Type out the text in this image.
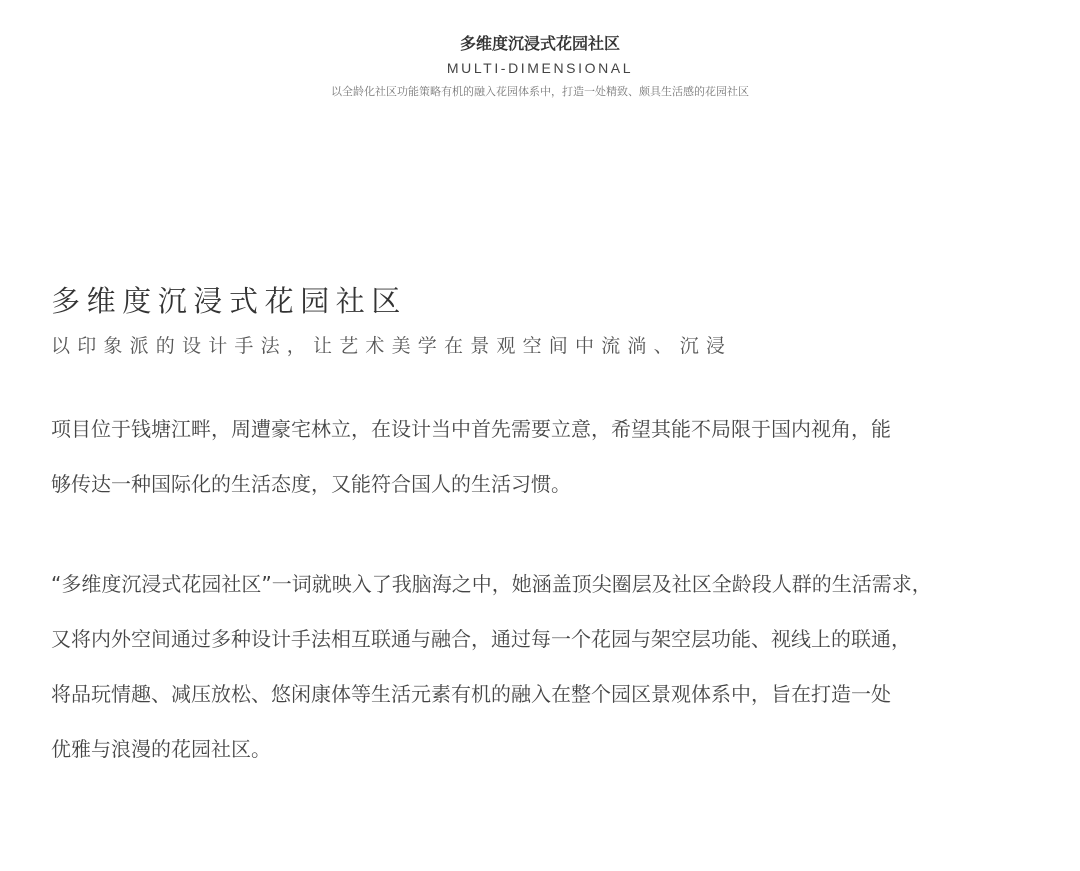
多维度沉浸式花园社区
MULTI-DIMENSIONAL
以全龄化社区功能策略有机的融入花园体系中，打造一处精致、颇具生活感的花园社区
多维度沉浸式花园社区
以印象派的设计手法，让艺术美学在景观空间中流淌、沉浸

项目位于钱塘江畔，周遭豪宅林立，在设计当中首先需要立意，希望其能不局限于国内视角，能

够传达一种国际化的生活态度，又能符合国人的生活习惯。

“多维度沉浸式花园社区”一词就映入了我脑海之中，她涵盖顶尖圈层及社区全龄段人群的生活需求，

又将内外空间通过多种设计手法相互联通与融合，通过每一个花园与架空层功能、视线上的联通，

将品玩情趣、减压放松、悠闲康体等生活元素有机的融入在整个园区景观体系中，旨在打造一处

优雅与浪漫的花园社区。
